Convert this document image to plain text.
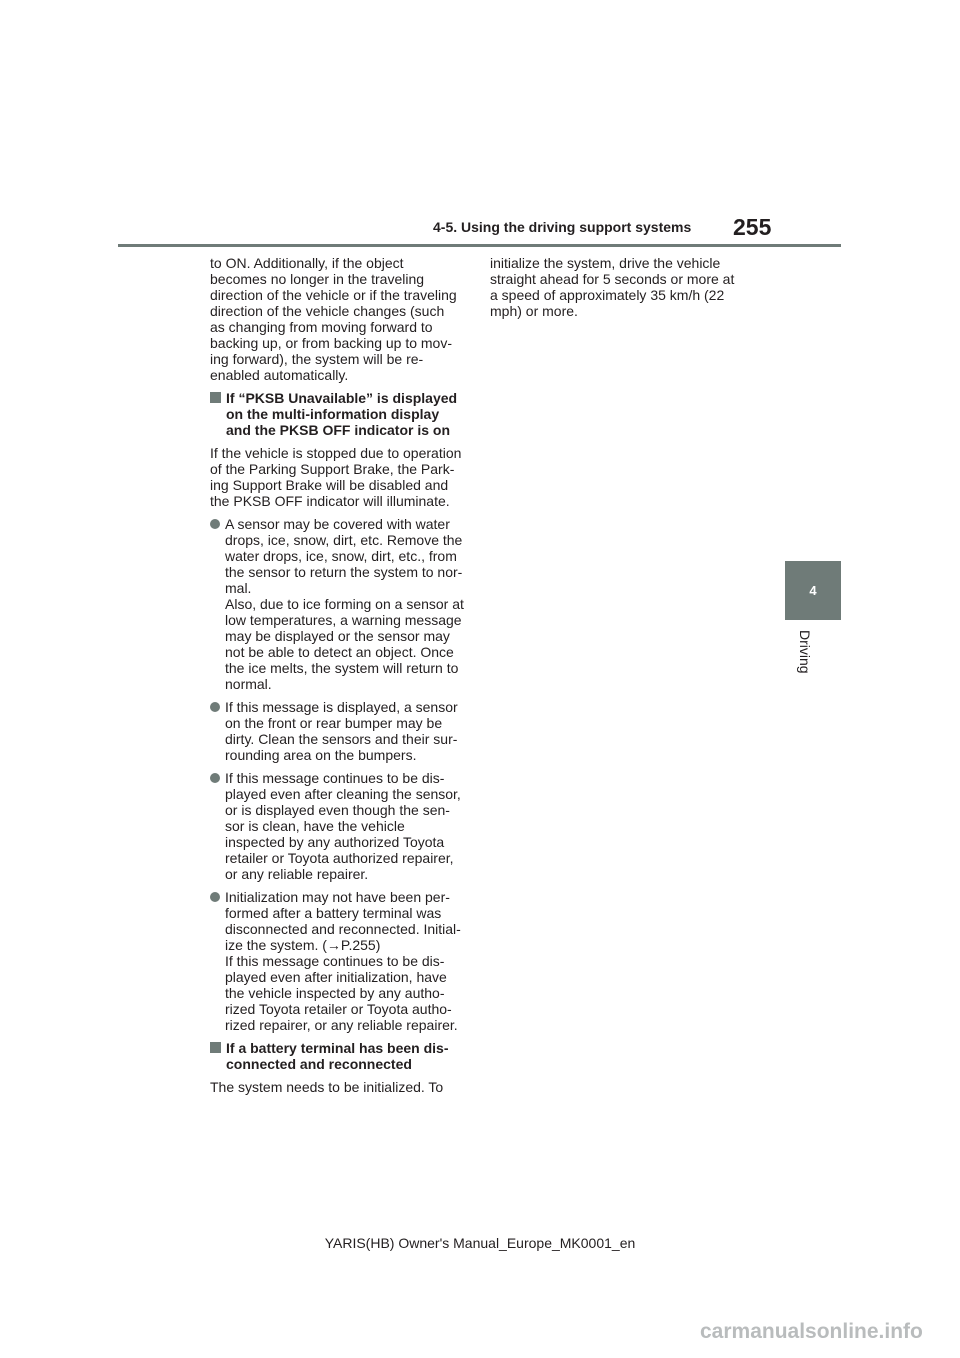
4-5. Using the driving support systems 255
4
Driving

to ON. Additionally, if the object
becomes no longer in the traveling
direction of the vehicle or if the traveling
direction of the vehicle changes (such
as changing from moving forward to
backing up, or from backing up to mov-
ing forward), the system will be re-
enabled automatically.

If “PKSB Unavailable” is displayed
on the multi-information display
and the PKSB OFF indicator is on

If the vehicle is stopped due to operation
of the Parking Support Brake, the Park-
ing Support Brake will be disabled and
the PKSB OFF indicator will illuminate.

A sensor may be covered with water
drops, ice, snow, dirt, etc. Remove the
water drops, ice, snow, dirt, etc., from
the sensor to return the system to nor-
mal.
Also, due to ice forming on a sensor at
low temperatures, a warning message
may be displayed or the sensor may
not be able to detect an object. Once
the ice melts, the system will return to
normal.

If this message is displayed, a sensor
on the front or rear bumper may be
dirty. Clean the sensors and their sur-
rounding area on the bumpers.

If this message continues to be dis-
played even after cleaning the sensor,
or is displayed even though the sen-
sor is clean, have the vehicle
inspected by any authorized Toyota
retailer or Toyota authorized repairer,
or any reliable repairer.

Initialization may not have been per-
formed after a battery terminal was
disconnected and reconnected. Initial-
ize the system. (→P.255)
If this message continues to be dis-
played even after initialization, have
the vehicle inspected by any autho-
rized Toyota retailer or Toyota autho-
rized repairer, or any reliable repairer.

If a battery terminal has been dis-
connected and reconnected

The system needs to be initialized. To

initialize the system, drive the vehicle
straight ahead for 5 seconds or more at
a speed of approximately 35 km/h (22
mph) or more.

YARIS(HB) Owner's Manual_Europe_MK0001_en
carmanualsonline.info
